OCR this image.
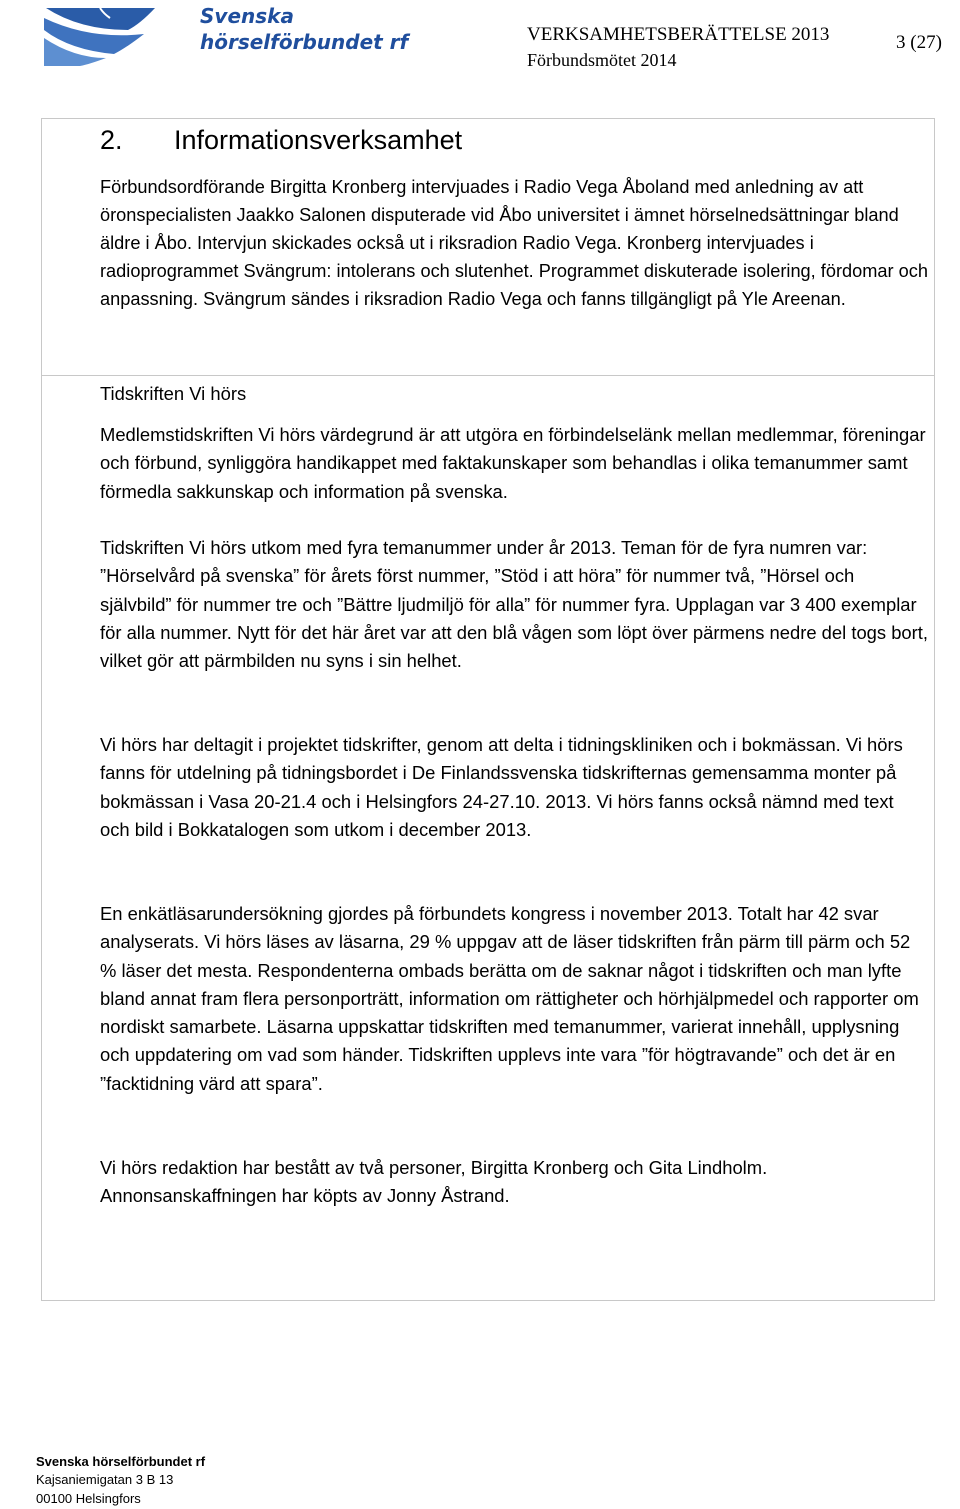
Svenska
hörselförbundet rf	VERKSAMHETSBERÄTTELSE 2013
Förbundsmötet 2014
3 (27)
2. Informationsverksamhet

Förbundsordförande Birgitta Kronberg intervjuades i Radio Vega Åboland med anledning av att öronspecialisten Jaakko Salonen disputerade vid Åbo universitet i ämnet hörselnedsättningar bland äldre i Åbo. Intervjun skickades också ut i riksradion Radio Vega. Kronberg intervjuades i radioprogrammet Svängrum: intolerans och slutenhet. Programmet diskuterade isolering, fördomar och anpassning. Svängrum sändes i riksradion Radio Vega och fanns tillgängligt på Yle Areenan.

Tidskriften Vi hörs

Medlemstidskriften Vi hörs värdegrund är att utgöra en förbindelselänk mellan medlemmar, föreningar och förbund, synliggöra handikappet med faktakunskaper som behandlas i olika temanummer samt förmedla sakkunskap och information på svenska.

Tidskriften Vi hörs utkom med fyra temanummer under år 2013. Teman för de fyra numren var: ”Hörselvård på svenska” för årets först nummer, ”Stöd i att höra” för nummer två, ”Hörsel och självbild” för nummer tre och ”Bättre ljudmiljö för alla” för nummer fyra. Upplagan var 3 400 exemplar för alla nummer. Nytt för det här året var att den blå vågen som löpt över pärmens nedre del togs bort, vilket gör att pärmbilden nu syns i sin helhet.

Vi hörs har deltagit i projektet tidskrifter, genom att delta i tidningskliniken och i bokmässan. Vi hörs fanns för utdelning på tidningsbordet i De Finlandssvenska tidskrifternas gemensamma monter på bokmässan i Vasa 20-21.4 och i Helsingfors 24-27.10. 2013. Vi hörs fanns också nämnd med text och bild i Bokkatalogen som utkom i december 2013.

En enkätläsarundersökning gjordes på förbundets kongress i november 2013. Totalt har 42 svar analyserats. Vi hörs läses av läsarna, 29 % uppgav att de läser tidskriften från pärm till pärm och 52 % läser det mesta. Respondenterna ombads berätta om de saknar något i tidskriften och man lyfte bland annat fram flera personporträtt, information om rättigheter och hörhjälpmedel och rapporter om nordiskt samarbete. Läsarna uppskattar tidskriften med temanummer, varierat innehåll, upplysning och uppdatering om vad som händer. Tidskriften upplevs inte vara ”för högtravande” och det är en ”facktidning värd att spara”.

Vi hörs redaktion har bestått av två personer, Birgitta Kronberg och Gita Lindholm. Annonsanskaffningen har köpts av Jonny Åstrand.

Svenska hörselförbundet rf
Kajsaniemigatan 3 B 13
00100 Helsingfors
